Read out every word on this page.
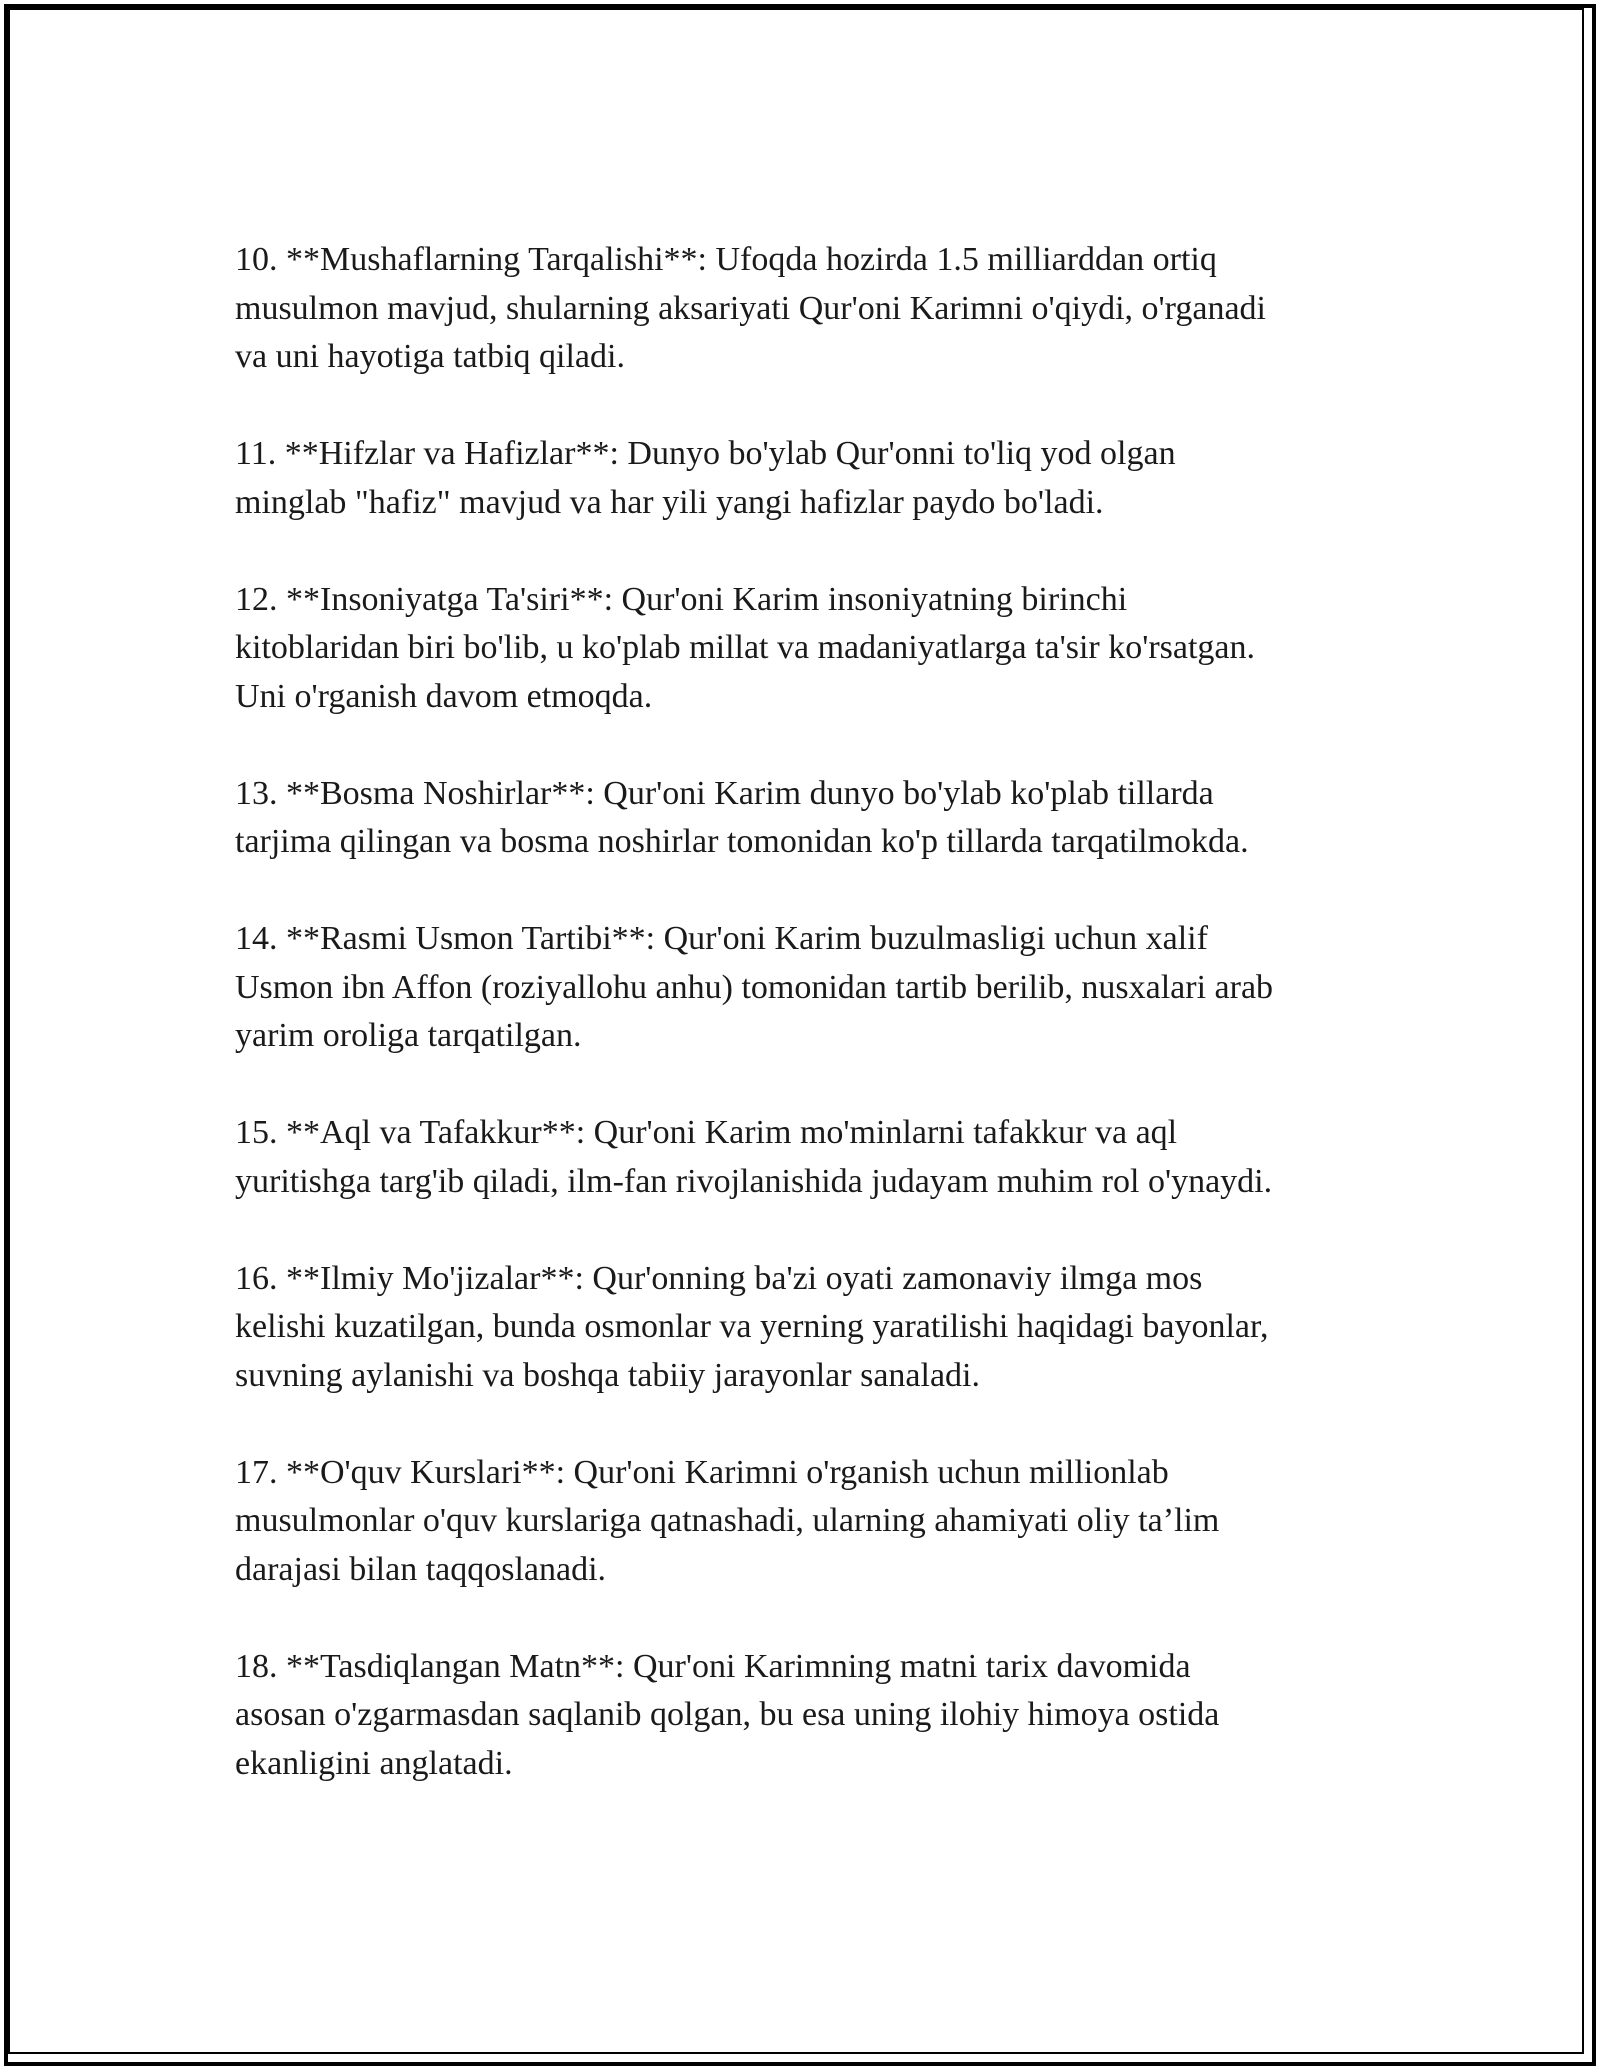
10. **Mushaflarning Tarqalishi**: Ufoqda hozirda 1.5 milliarddan ortiq
musulmon mavjud, shularning aksariyati Qur'oni Karimni o'qiydi, o'rganadi
va uni hayotiga tatbiq qiladi.
11. **Hifzlar va Hafizlar**: Dunyo bo'ylab Qur'onni to'liq yod olgan
minglab "hafiz" mavjud va har yili yangi hafizlar paydo bo'ladi.
12. **Insoniyatga Ta'siri**: Qur'oni Karim insoniyatning birinchi
kitoblaridan biri bo'lib, u ko'plab millat va madaniyatlarga ta'sir ko'rsatgan.
Uni o'rganish davom etmoqda.
13. **Bosma Noshirlar**: Qur'oni Karim dunyo bo'ylab ko'plab tillarda
tarjima qilingan va bosma noshirlar tomonidan ko'p tillarda tarqatilmokda.
14. **Rasmi Usmon Tartibi**: Qur'oni Karim buzulmasligi uchun xalif
Usmon ibn Affon (roziyallohu anhu) tomonidan tartib berilib, nusxalari arab
yarim oroliga tarqatilgan.
15. **Aql va Tafakkur**: Qur'oni Karim mo'minlarni tafakkur va aql
yuritishga targ'ib qiladi, ilm-fan rivojlanishida judayam muhim rol o'ynaydi.
16. **Ilmiy Mo'jizalar**: Qur'onning ba'zi oyati zamonaviy ilmga mos
kelishi kuzatilgan, bunda osmonlar va yerning yaratilishi haqidagi bayonlar,
suvning aylanishi va boshqa tabiiy jarayonlar sanaladi.
17. **O'quv Kurslari**: Qur'oni Karimni o'rganish uchun millionlab
musulmonlar o'quv kurslariga qatnashadi, ularning ahamiyati oliy ta’lim
darajasi bilan taqqoslanadi.
18. **Tasdiqlangan Matn**: Qur'oni Karimning matni tarix davomida
asosan o'zgarmasdan saqlanib qolgan, bu esa uning ilohiy himoya ostida
ekanligini anglatadi.
